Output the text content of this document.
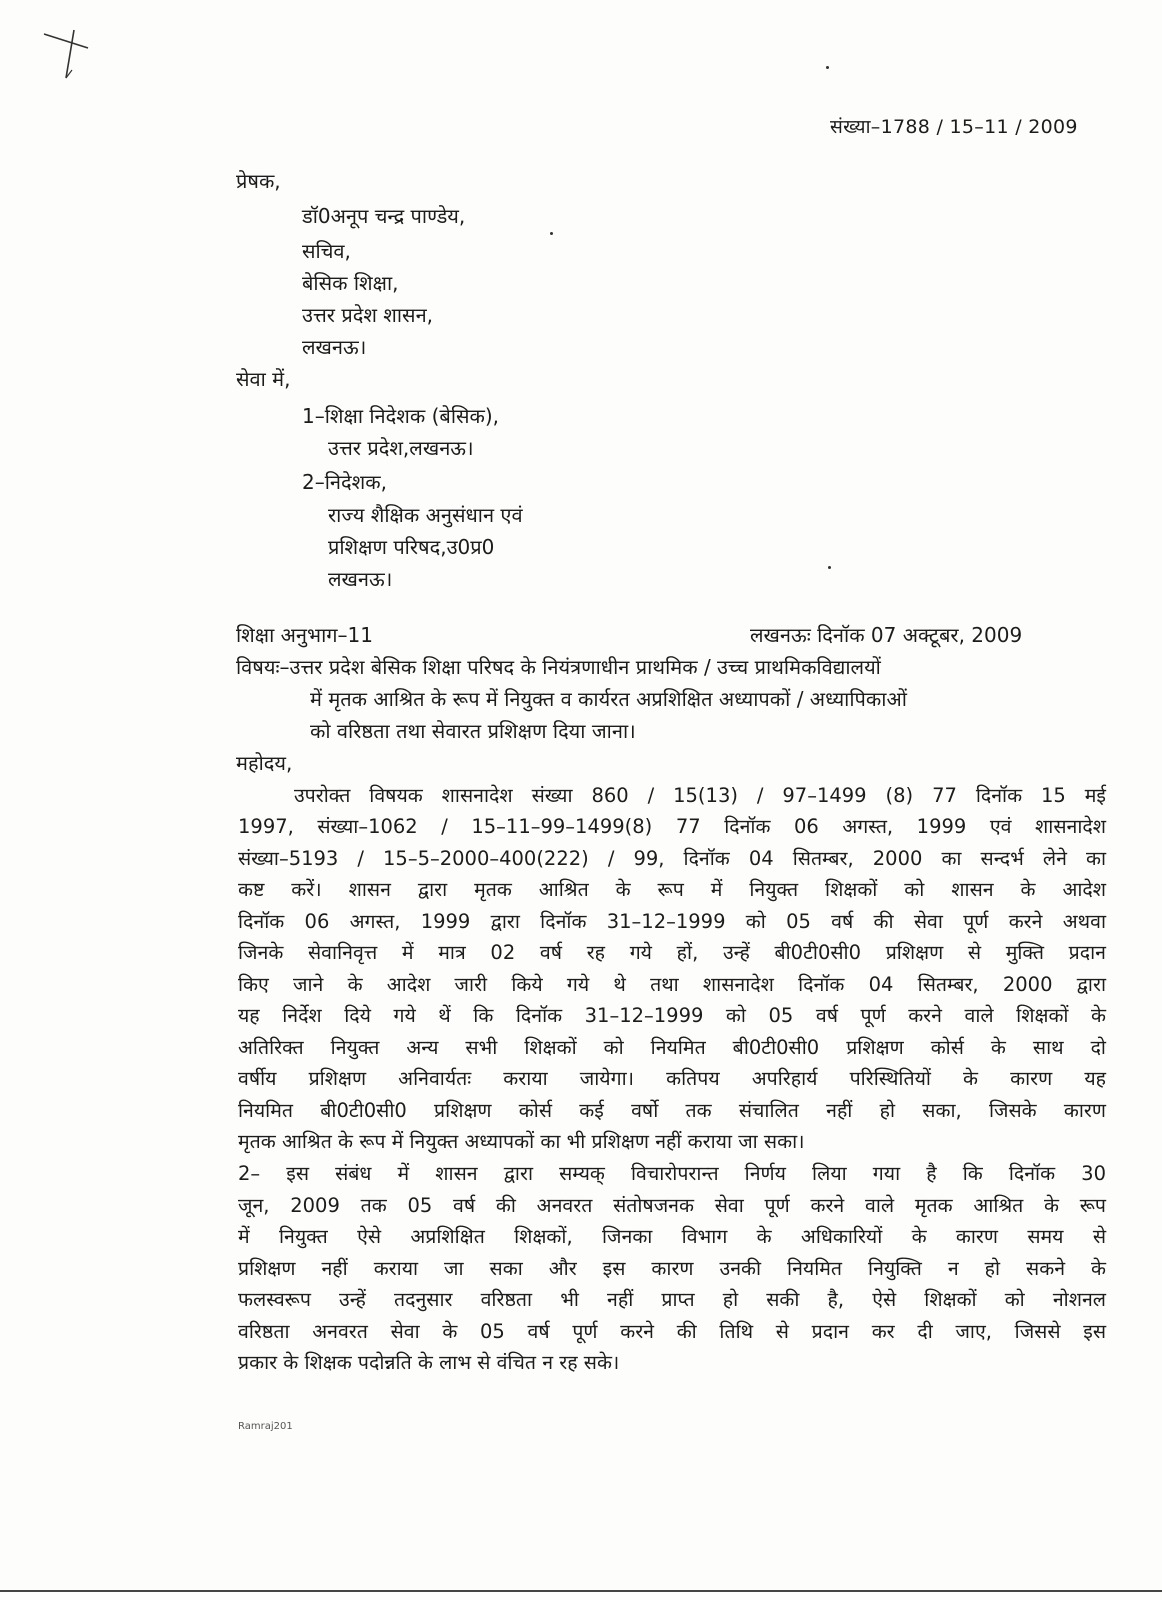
संख्या–1788 / 15–11 / 2009
प्रेषक,
डॉ0अनूप चन्द्र पाण्डेय,
सचिव,
बेसिक शिक्षा,
उत्तर प्रदेश शासन,
लखनऊ।
सेवा में,
1–शिक्षा निदेशक (बेसिक),
उत्तर प्रदेश,लखनऊ।
2–निदेशक,
राज्य शैक्षिक अनुसंधान एवं
प्रशिक्षण परिषद,उ0प्र0
लखनऊ।
शिक्षा अनुभाग–11	लखनऊः दिनॉक 07 अक्टूबर, 2009
विषयः–उत्तर प्रदेश बेसिक शिक्षा परिषद के नियंत्रणाधीन प्राथमिक / उच्च प्राथमिकविद्यालयों
में मृतक आश्रित के रूप में नियुक्त व कार्यरत अप्रशिक्षित अध्यापकों / अध्यापिकाओं
को वरिष्ठता तथा सेवारत प्रशिक्षण दिया जाना।
महोदय,
उपरोक्त विषयक शासनादेश संख्या 860 / 15(13) / 97–1499 (8) 77 दिनॉक 15 मई
1997, संख्या–1062 / 15–11–99–1499(8) 77 दिनॉक 06 अगस्त, 1999 एवं शासनादेश
संख्या–5193 / 15–5–2000–400(222) / 99, दिनॉक 04 सितम्बर, 2000 का सन्दर्भ लेने का
कष्ट करें। शासन द्वारा मृतक आश्रित के रूप में नियुक्त शिक्षकों को शासन के आदेश
दिनॉक 06 अगस्त, 1999 द्वारा दिनॉक 31–12–1999 को 05 वर्ष की सेवा पूर्ण करने अथवा
जिनके सेवानिवृत्त में मात्र 02 वर्ष रह गये हों, उन्हें बी0टी0सी0 प्रशिक्षण से मुक्ति प्रदान
किए जाने के आदेश जारी किये गये थे तथा शासनादेश दिनॉक 04 सितम्बर, 2000 द्वारा
यह निर्देश दिये गये थें कि दिनॉक 31–12–1999 को 05 वर्ष पूर्ण करने वाले शिक्षकों के
अतिरिक्त नियुक्त अन्य सभी शिक्षकों को नियमित बी0टी0सी0 प्रशिक्षण कोर्स के साथ दो
वर्षीय प्रशिक्षण अनिवार्यतः कराया जायेगा। कतिपय अपरिहार्य परिस्थितियों के कारण यह
नियमित बी0टी0सी0 प्रशिक्षण कोर्स कई वर्षो तक संचालित नहीं हो सका, जिसके कारण
मृतक आश्रित के रूप में नियुक्त अध्यापकों का भी प्रशिक्षण नहीं कराया जा सका।
2– इस संबंध में शासन द्वारा सम्यक् विचारोपरान्त निर्णय लिया गया है कि दिनॉक 30
जून, 2009 तक 05 वर्ष की अनवरत संतोषजनक सेवा पूर्ण करने वाले मृतक आश्रित के रूप
में नियुक्त ऐसे अप्रशिक्षित शिक्षकों, जिनका विभाग के अधिकारियों के कारण समय से
प्रशिक्षण नहीं कराया जा सका और इस कारण उनकी नियमित नियुक्ति न हो सकने के
फलस्वरूप उन्हें तदनुसार वरिष्ठता भी नहीं प्राप्त हो सकी है, ऐसे शिक्षकों को नोशनल
वरिष्ठता अनवरत सेवा के 05 वर्ष पूर्ण करने की तिथि से प्रदान कर दी जाए, जिससे इस
प्रकार के शिक्षक पदोन्नति के लाभ से वंचित न रह सके।
Ramraj201
